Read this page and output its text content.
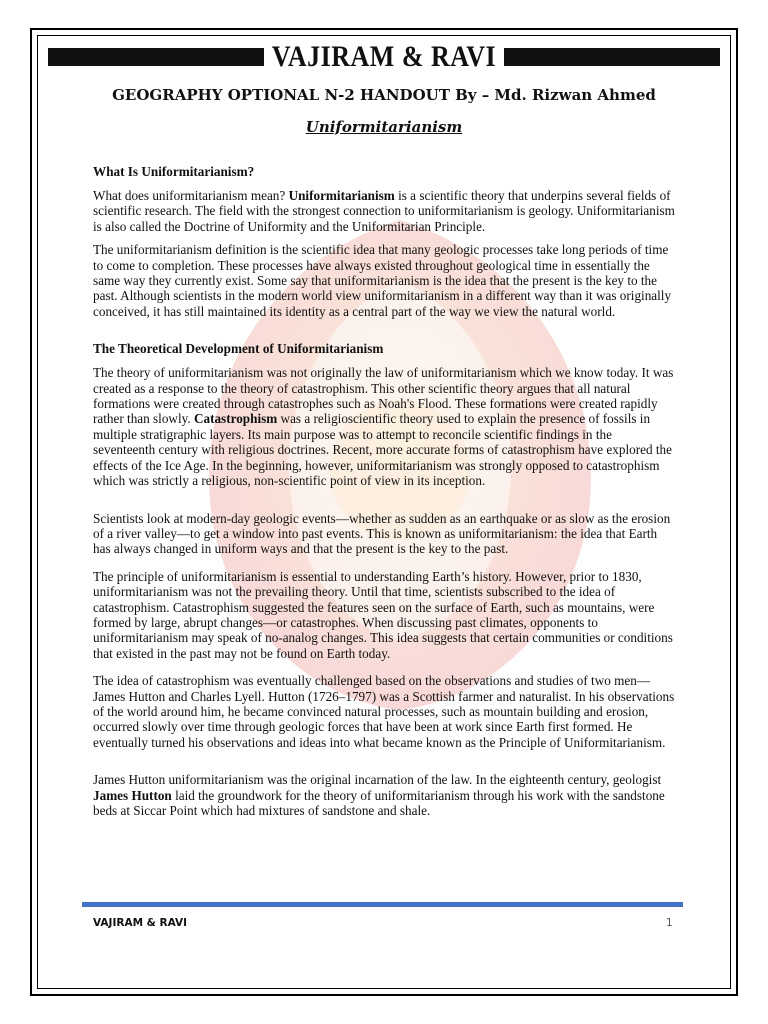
VAJIRAM & RAVI
GEOGRAPHY OPTIONAL N-2 HANDOUT By – Md. Rizwan Ahmed
Uniformitarianism
What Is Uniformitarianism?

What does uniformitarianism mean? Uniformitarianism is a scientific theory that underpins several fields of scientific research. The field with the strongest connection to uniformitarianism is geology. Uniformitarianism is also called the Doctrine of Uniformity and the Uniformitarian Principle.

The uniformitarianism definition is the scientific idea that many geologic processes take long periods of time to come to completion. These processes have always existed throughout geological time in essentially the same way they currently exist. Some say that uniformitarianism is the idea that the present is the key to the past. Although scientists in the modern world view uniformitarianism in a different way than it was originally conceived, it has still maintained its identity as a central part of the way we view the natural world.

The Theoretical Development of Uniformitarianism

The theory of uniformitarianism was not originally the law of uniformitarianism which we know today. It was created as a response to the theory of catastrophism. This other scientific theory argues that all natural formations were created through catastrophes such as Noah's Flood. These formations were created rapidly rather than slowly. Catastrophism was a religioscientific theory used to explain the presence of fossils in multiple stratigraphic layers. Its main purpose was to attempt to reconcile scientific findings in the seventeenth century with religious doctrines. Recent, more accurate forms of catastrophism have explored the effects of the Ice Age. In the beginning, however, uniformitarianism was strongly opposed to catastrophism which was strictly a religious, non-scientific point of view in its inception.

Scientists look at modern-day geologic events—whether as sudden as an earthquake or as slow as the erosion of a river valley—to get a window into past events. This is known as uniformitarianism: the idea that Earth has always changed in uniform ways and that the present is the key to the past.

The principle of uniformitarianism is essential to understanding Earth’s history. However, prior to 1830, uniformitarianism was not the prevailing theory. Until that time, scientists subscribed to the idea of catastrophism. Catastrophism suggested the features seen on the surface of Earth, such as mountains, were formed by large, abrupt changes—or catastrophes. When discussing past climates, opponents to uniformitarianism may speak of no-analog changes. This idea suggests that certain communities or conditions that existed in the past may not be found on Earth today.

The idea of catastrophism was eventually challenged based on the observations and studies of two men—James Hutton and Charles Lyell. Hutton (1726–1797) was a Scottish farmer and naturalist. In his observations of the world around him, he became convinced natural processes, such as mountain building and erosion, occurred slowly over time through geologic forces that have been at work since Earth first formed. He eventually turned his observations and ideas into what became known as the Principle of Uniformitarianism.

James Hutton uniformitarianism was the original incarnation of the law. In the eighteenth century, geologist James Hutton laid the groundwork for the theory of uniformitarianism through his work with the sandstone beds at Siccar Point which had mixtures of sandstone and shale.

VAJIRAM & RAVI	1
